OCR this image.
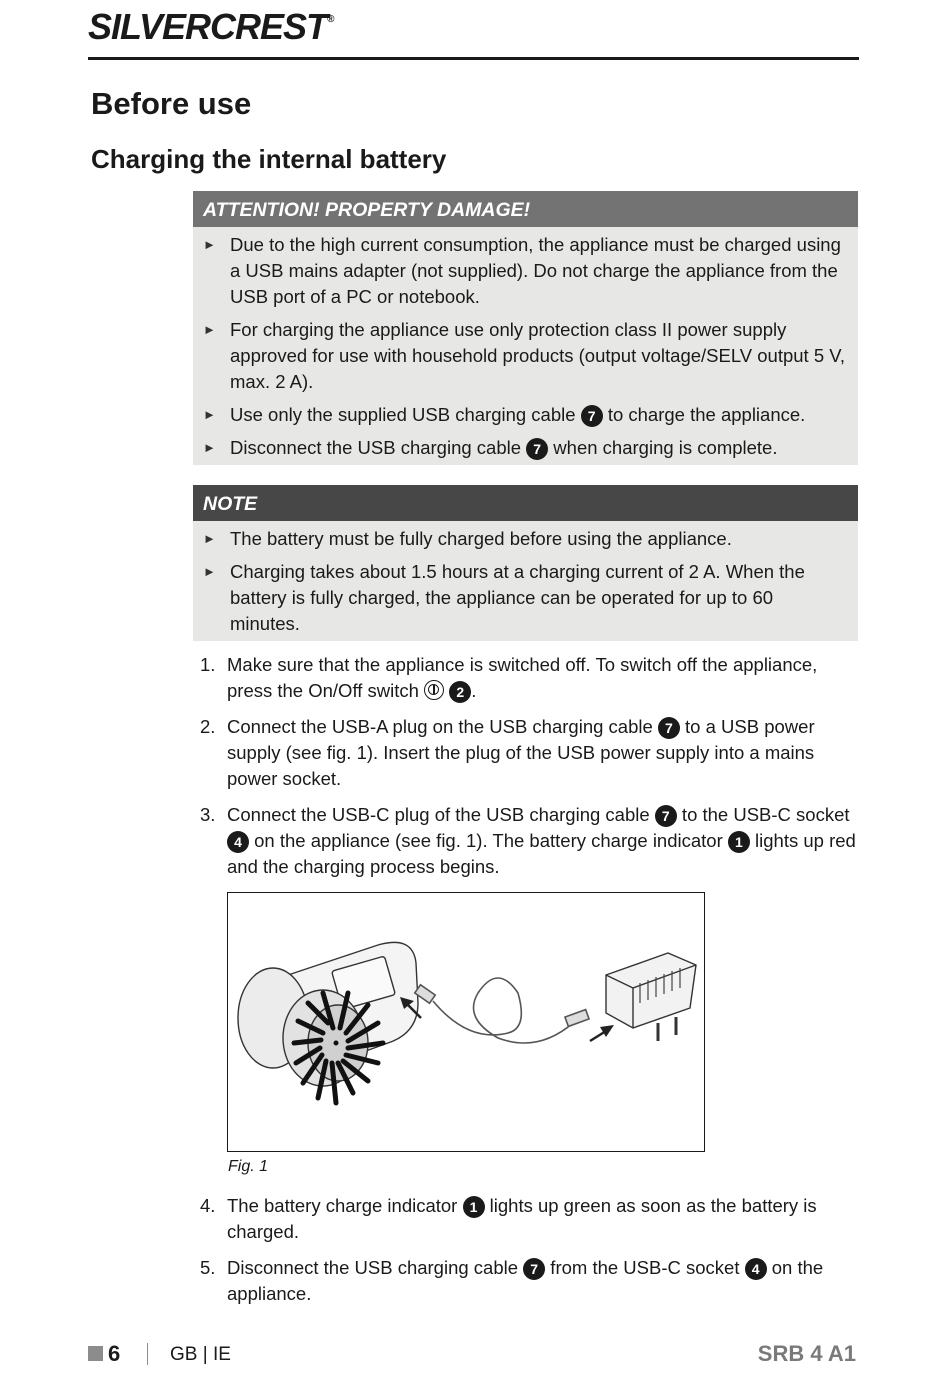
SILVERCREST®
Before use
Charging the internal battery
ATTENTION! PROPERTY DAMAGE!
► Due to the high current consumption, the appliance must be charged using a USB mains adapter (not supplied). Do not charge the appliance from the USB port of a PC or notebook.
► For charging the appliance use only protection class II power supply approved for use with household products (output voltage/SELV output 5 V, max. 2 A).
► Use only the supplied USB charging cable 7 to charge the appliance.
► Disconnect the USB charging cable 7 when charging is complete.
NOTE
► The battery must be fully charged before using the appliance.
► Charging takes about 1.5 hours at a charging current of 2 A. When the battery is fully charged, the appliance can be operated for up to 60 minutes.
1. Make sure that the appliance is switched off. To switch off the appliance, press the On/Off switch  2 .
2. Connect the USB-A plug on the USB charging cable 7 to a USB power supply (see fig. 1). Insert the plug of the USB power supply into a mains power socket.
3. Connect the USB-C plug of the USB charging cable 7 to the USB-C socket 4 on the appliance (see fig. 1). The battery charge indicator 1 lights up red and the charging process begins.
Fig. 1
4. The battery charge indicator 1 lights up green as soon as the battery is charged.
5. Disconnect the USB charging cable 7 from the USB-C socket 4 on the appliance.
6	GB | IE	SRB 4 A1
